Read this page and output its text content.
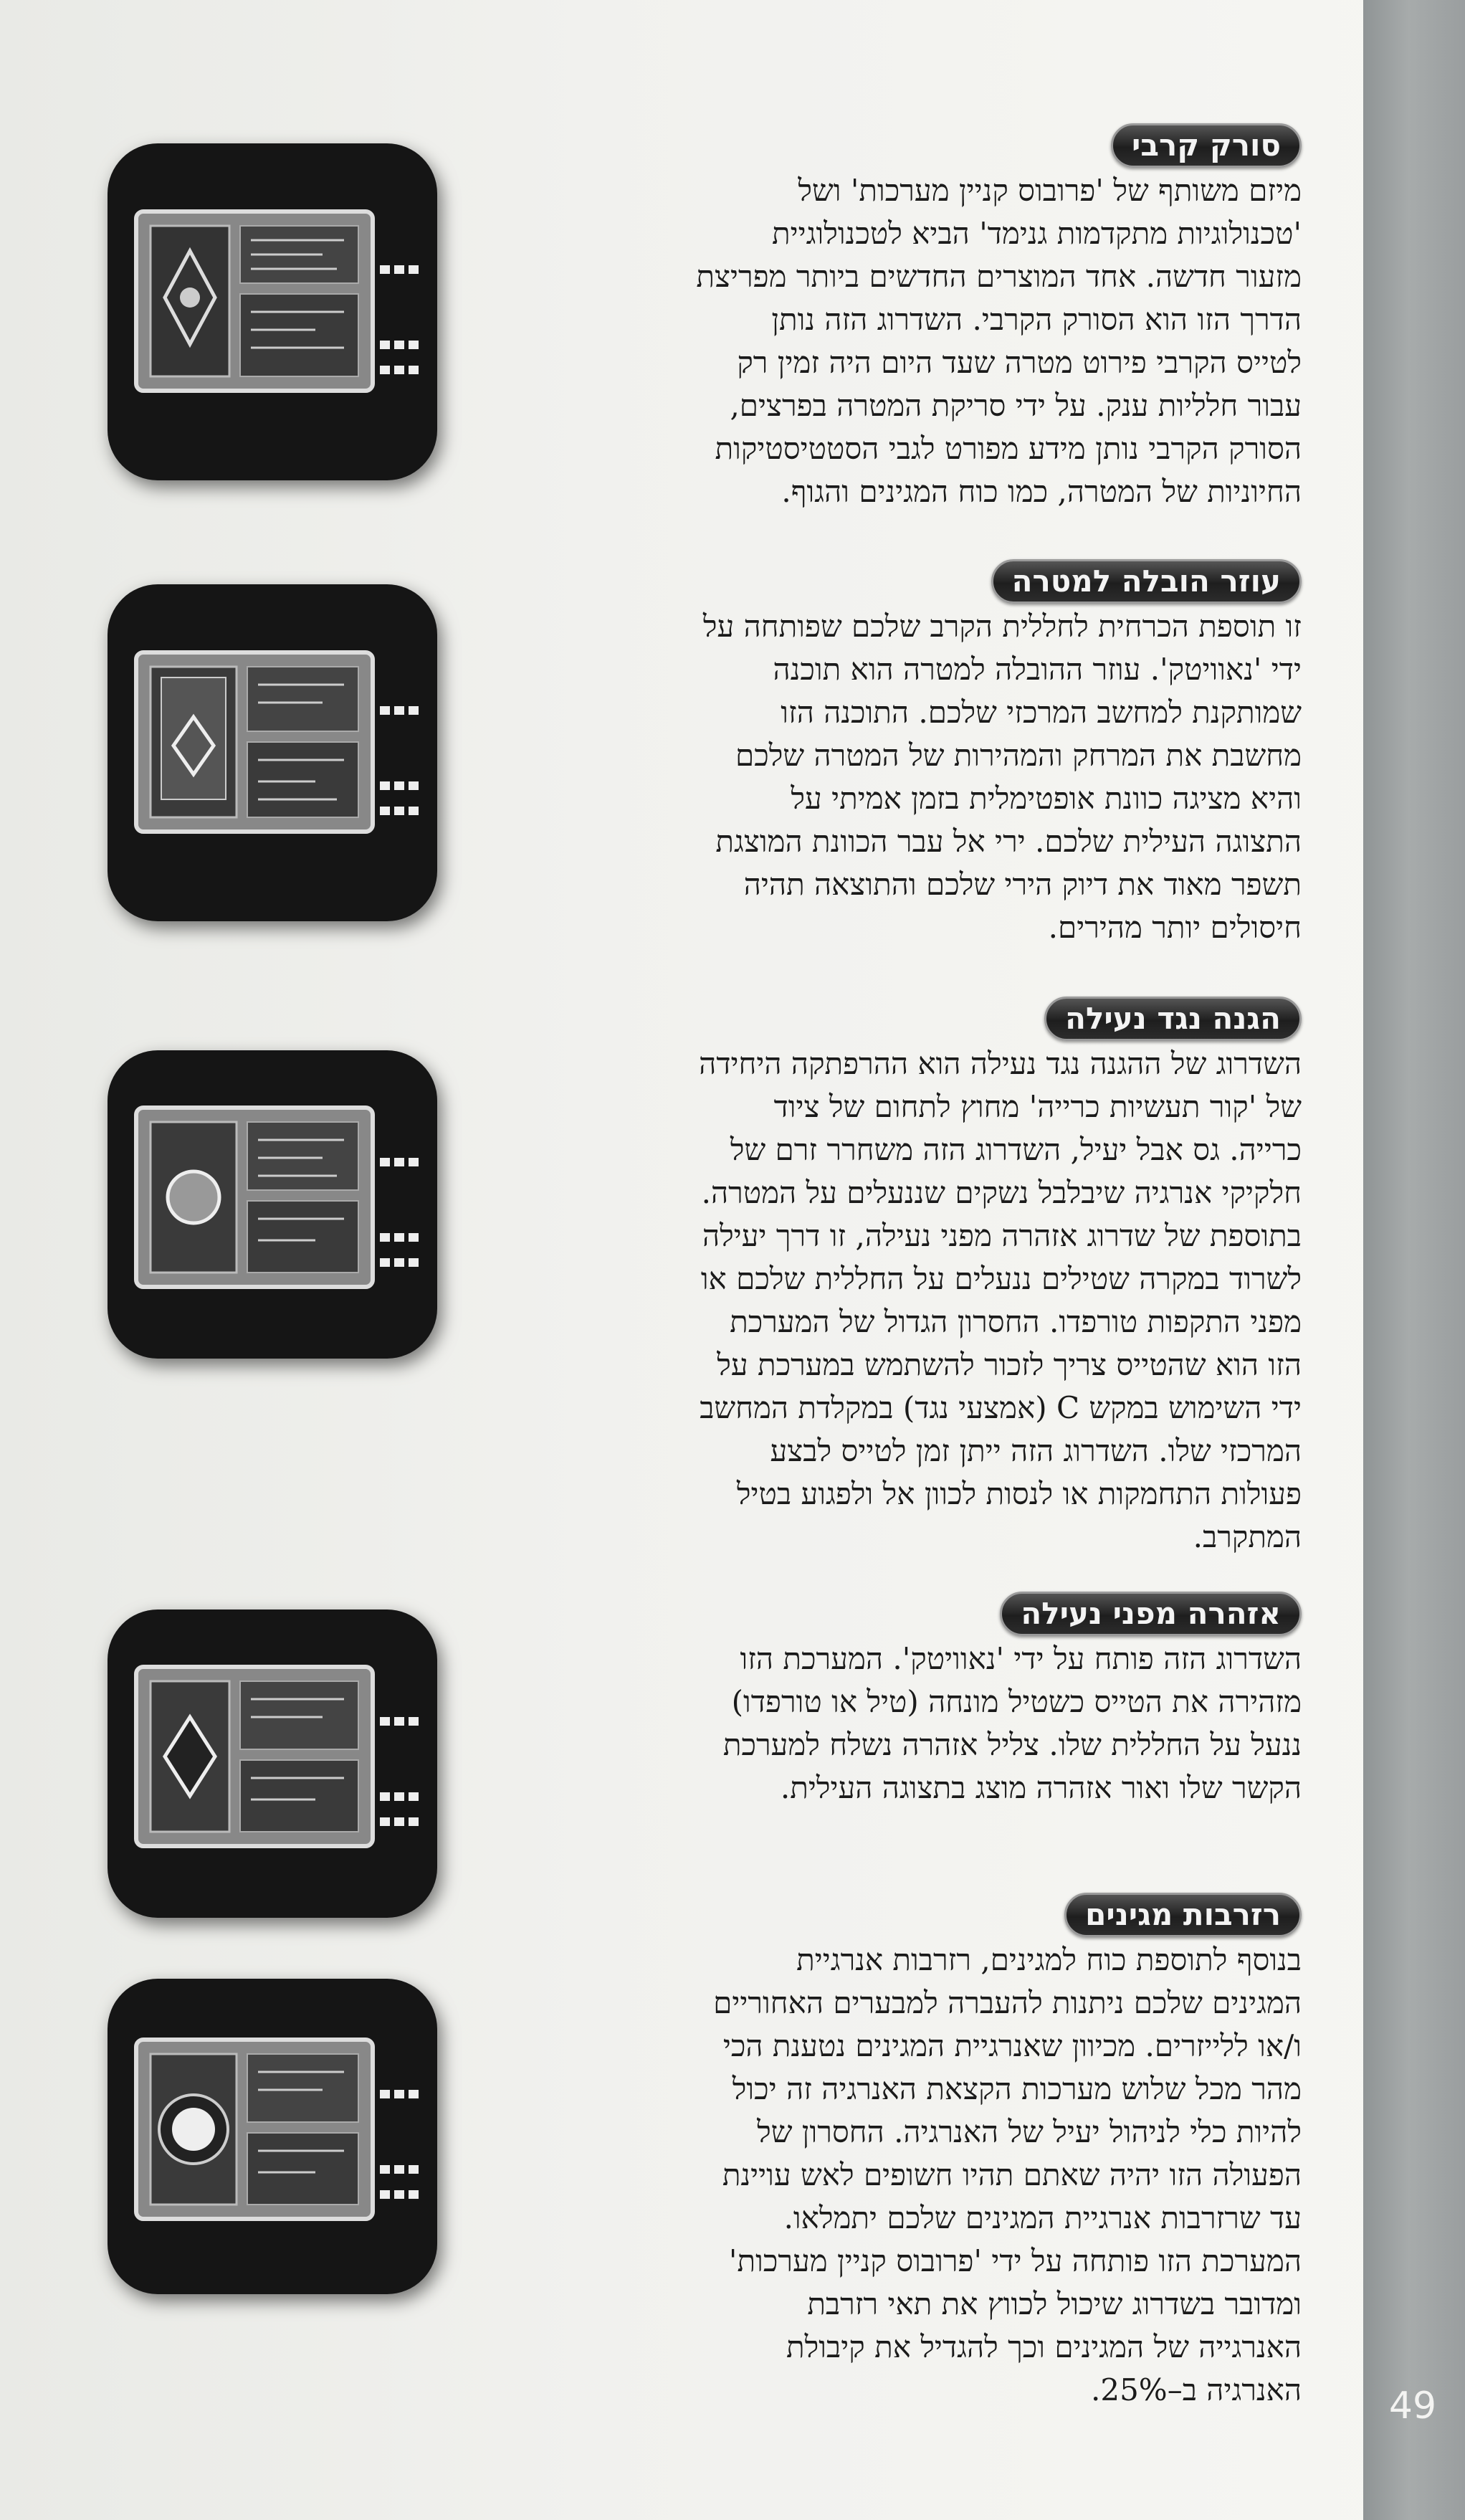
49
סורק קרבי

מיזם משותף של 'פרובוס קניין מערכות' ושל
'טכנולוגיות מתקדמות גנימד' הביא לטכנולוגיית
מזעור חדשה. אחד המוצרים החדשים ביותר מפריצת
הדרך הזו הוא הסורק הקרבי. השדרוג הזה נותן
לטייס הקרבי פירוט מטרה שעד היום היה זמין רק
עבור חלליות ענק. על ידי סריקת המטרה בפרצים,
הסורק הקרבי נותן מידע מפורט לגבי הסטטיסטיקות
החיוניות של המטרה, כמו כוח המגינים והגוף.

עוזר הובלה למטרה

זו תוספת הכרחית לחללית הקרב שלכם שפותחה על
ידי 'נאוויטק'. עוזר ההובלה למטרה הוא תוכנה
שמותקנת למחשב המרכזי שלכם. התוכנה הזו
מחשבת את המרחק והמהירות של המטרה שלכם
והיא מציגה כוונת אופטימלית בזמן אמיתי על
התצוגה העילית שלכם. ירי אל עבר הכוונת המוצגת
תשפר מאוד את דיוק הירי שלכם והתוצאה תהיה
חיסולים יותר מהירים.

הגנה נגד נעילה

השדרוג של ההגנה נגד נעילה הוא ההרפתקה היחידה
של 'קור תעשיות כרייה' מחוץ לתחום של ציוד
כרייה. גס אבל יעיל, השדרוג הזה משחרר זרם של
חלקיקי אנרגיה שיבלבל נשקים שננעלים על המטרה.
בתוספת של שדרוג אזהרה מפני נעילה, זו דרך יעילה
לשרוד במקרה שטילים ננעלים על החללית שלכם או
מפני התקפות טורפדו. החסרון הגדול של המערכת
הזו הוא שהטייס צריך לזכור להשתמש במערכת על
ידי השימוש במקש C (אמצעי נגד) במקלדת המחשב
המרכזי שלו. השדרוג הזה ייתן זמן לטייס לבצע
פעולות התחמקות או לנסות לכוון אל ולפגוע בטיל
המתקרב.

אזהרה מפני נעילה

השדרוג הזה פותח על ידי 'נאוויטק'. המערכת הזו
מזהירה את הטייס כשטיל מונחה (טיל או טורפדו)
ננעל על החללית שלו. צליל אזהרה נשלח למערכת
הקשר שלו ואור אזהרה מוצג בתצוגה העילית.

רזרבות מגינים

בנוסף לתוספת כוח למגינים, רזרבות אנרגיית
המגינים שלכם ניתנות להעברה למבערים האחוריים
ו/או ללייזרים. מכיוון שאנרגיית המגינים נטענת הכי
מהר מכל שלוש מערכות הקצאת האנרגיה זה יכול
להיות כלי לניהול יעיל של האנרגיה. החסרון של
הפעולה הזו יהיה שאתם תהיו חשופים לאש עויינת
עד שרזרבות אנרגיית המגינים שלכם יתמלאו.
המערכת הזו פותחה על ידי 'פרובוס קניין מערכות'
ומדובר בשדרוג שיכול לכווץ את תאי רזרבת
האנרגייה של המגינים וכך להגדיל את קיבולת
האנרגיה ב–25%.
